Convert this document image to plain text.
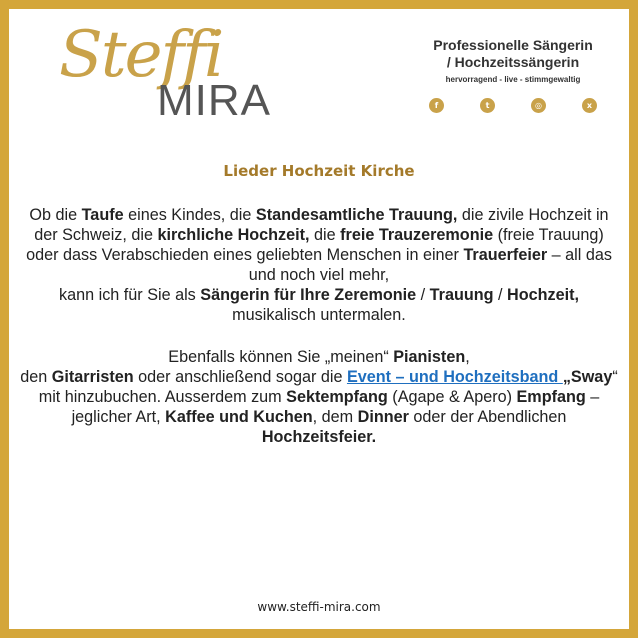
Steffi
MIRA
Professionelle Sängerin
/ Hochzeitssängerin
hervorragend - live - stimmgewaltig
f	t	◎	x
Lieder Hochzeit Kirche
Ob die Taufe eines Kindes, die Standesamtliche Trauung, die zivile Hochzeit in der Schweiz, die kirchliche Hochzeit, die freie Trauzeremonie (freie Trauung) oder dass Verabschieden eines geliebten Menschen in einer Trauerfeier – all das und noch viel mehr,
kann ich für Sie als Sängerin für Ihre Zeremonie / Trauung / Hochzeit, musikalisch untermalen.
Ebenfalls können Sie „meinen“ Pianisten,
den Gitarristen oder anschließend sogar die Event – und Hochzeitsband „Sway“ mit hinzubuchen. Ausserdem zum Sektempfang (Agape & Apero) Empfang – jeglicher Art, Kaffee und Kuchen, dem Dinner oder der Abendlichen Hochzeitsfeier.
www.steffi-mira.com
